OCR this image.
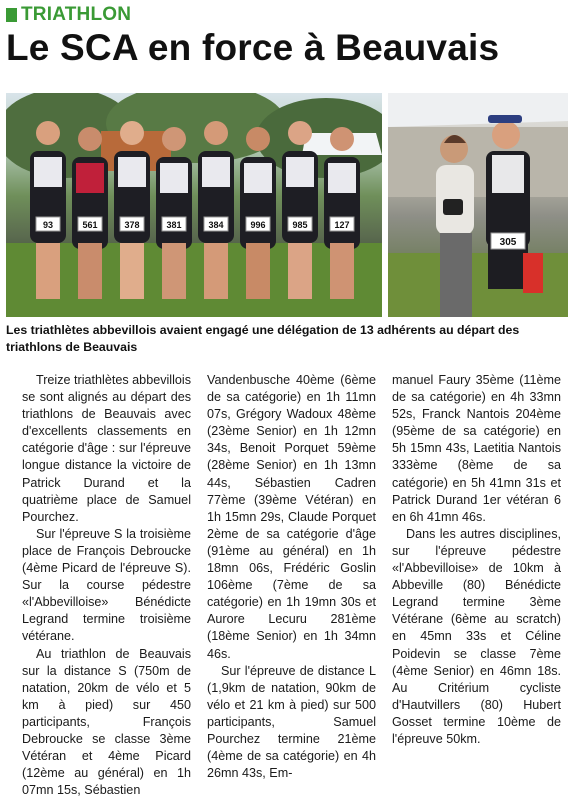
TRIATHLON
Le SCA en force à Beauvais
93	561	378	381	384	996	985	127
305
Les triathlètes abbevillois avaient engagé une délégation de 13 adhérents au départ des triathlons de Beauvais

Treize triathlètes abbevillois se sont alignés au départ des triathlons de Beauvais avec d'excellents classements en catégorie d'âge : sur l'épreuve longue distance la victoire de Patrick Durand et la quatrième place de Samuel Pourchez.

Sur l'épreuve S la troisième place de François Debroucke (4ème Picard de l'épreuve S). Sur la course pédestre «l'Abbevilloise» Bénédicte Legrand termine troisième vétérane.

Au triathlon de Beauvais sur la distance S (750m de natation, 20km de vélo et 5 km à pied) sur 450 participants, François Debroucke se classe 3ème Vétéran et 4ème Picard (12ème au général) en 1h 07mn 15s, Sébastien

Vandenbusche 40ème (6ème de sa catégorie) en 1h 11mn 07s, Grégory Wadoux 48ème (23ème Senior) en 1h 12mn 34s, Benoit Porquet 59ème (28ème Senior) en 1h 13mn 44s, Sébastien Cadren 77ème (39ème Vétéran) en 1h 15mn 29s, Claude Porquet 2ème de sa catégorie d'âge (91ème au général) en 1h 18mn 06s, Frédéric Goslin 106ème (7ème de sa catégorie) en 1h 19mn 30s et Aurore Lecuru 281ème (18ème Senior) en 1h 34mn 46s.

Sur l'épreuve de distance L (1,9km de natation, 90km de vélo et 21 km à pied) sur 500 participants, Samuel Pourchez termine 21ème (4ème de sa catégorie) en 4h 26mn 43s, Em-

manuel Faury 35ème (11ème de sa catégorie) en 4h 33mn 52s, Franck Nantois 204ème (95ème de sa catégorie) en 5h 15mn 43s, Laetitia Nantois 333ème (8ème de sa catégorie) en 5h 41mn 31s et Patrick Durand 1er vétéran 6 en 6h 41mn 46s.

Dans les autres disciplines, sur l'épreuve pédestre «l'Abbevilloise» de 10km à Abbeville (80) Bénédicte Legrand termine 3ème Vétérane (6ème au scratch) en 45mn 33s et Céline Poidevin se classe 7ème (4ème Senior) en 46mn 18s. Au Critérium cycliste d'Hautvillers (80) Hubert Gosset termine 10ème de l'épreuve 50km.
